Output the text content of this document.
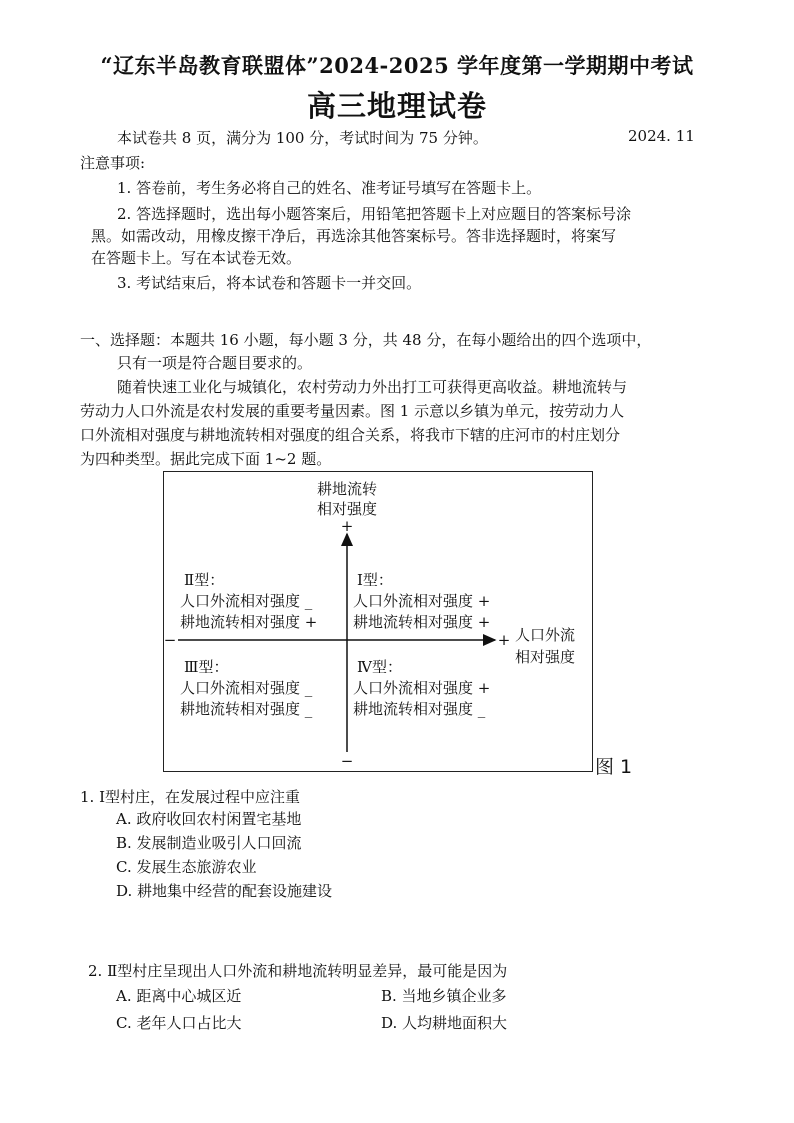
“辽东半岛教育联盟体”2024-2025 学年度第一学期期中考试
高三地理试卷
本试卷共 8 页，满分为 100 分，考试时间为 75 分钟。	2024. 11
注意事项:
1. 答卷前，考生务必将自己的姓名、准考证号填写在答题卡上。
2. 答选择题时，选出每小题答案后，用铅笔把答题卡上对应题目的答案标号涂
黑。如需改动，用橡皮擦干净后，再选涂其他答案标号。答非选择题时，将案写
在答题卡上。写在本试卷无效。
3. 考试结束后，将本试卷和答题卡一并交回。
一、选择题：本题共 16 小题，每小题 3 分，共 48 分，在每小题给出的四个选项中，
只有一项是符合题目要求的。
随着快速工业化与城镇化，农村劳动力外出打工可获得更高收益。耕地流转与
劳动力人口外流是农村发展的重要考量因素。图 1 示意以乡镇为单元，按劳动力人
口外流相对强度与耕地流转相对强度的组合关系，将我市下辖的庄河市的村庄划分
为四种类型。据此完成下面 1~2 题。
耕地流转
相对强度
+
−
−	+ 人口外流
相对强度
Ⅱ型：
人口外流相对强度 _
耕地流转相对强度 +
Ⅰ型：
人口外流相对强度 +
耕地流转相对强度 +
Ⅲ型：
人口外流相对强度 _
耕地流转相对强度 _
Ⅳ型：
人口外流相对强度 +
耕地流转相对强度 _
图 1
1. Ⅰ型村庄，在发展过程中应注重
A. 政府收回农村闲置宅基地
B. 发展制造业吸引人口回流
C. 发展生态旅游农业
D. 耕地集中经营的配套设施建设
2. Ⅱ型村庄呈现出人口外流和耕地流转明显差异，最可能是因为
A. 距离中心城区近	B. 当地乡镇企业多
C. 老年人口占比大	D. 人均耕地面积大
